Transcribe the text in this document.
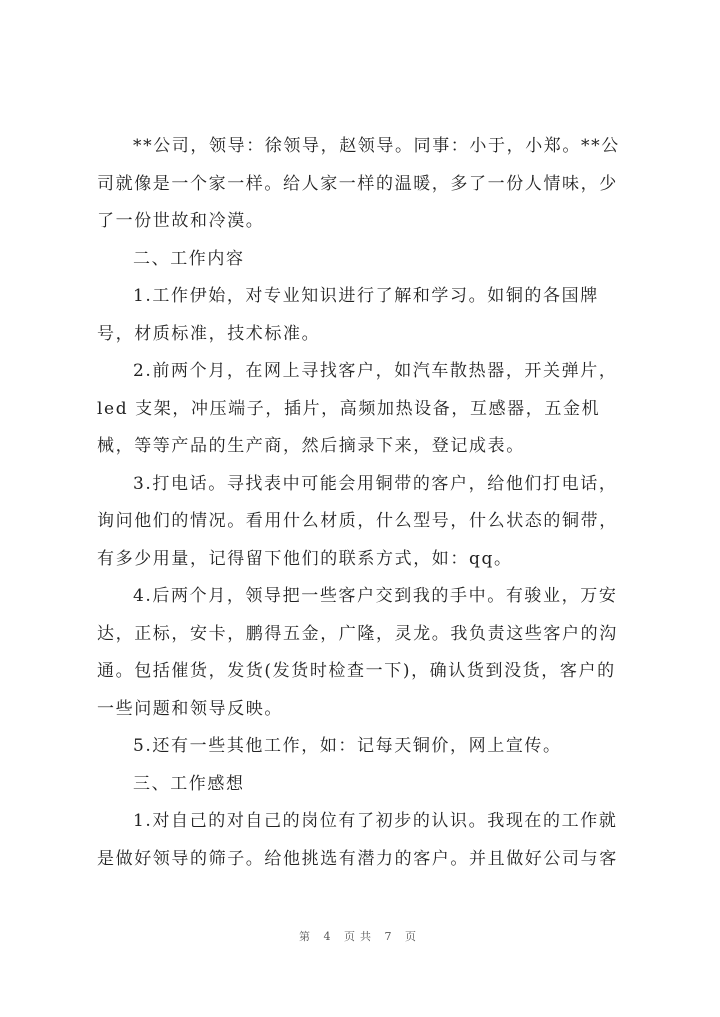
**公司，领导：徐领导，赵领导。同事：小于，小郑。**公
司就像是一个家一样。给人家一样的温暖，多了一份人情味，少
了一份世故和冷漠。

二、工作内容

1.工作伊始，对专业知识进行了解和学习。如铜的各国牌
号，材质标准，技术标准。

2.前两个月，在网上寻找客户，如汽车散热器，开关弹片，
led 支架，冲压端子，插片，高频加热设备，互感器，五金机
械，等等产品的生产商，然后摘录下来，登记成表。

3.打电话。寻找表中可能会用铜带的客户，给他们打电话，
询问他们的情况。看用什么材质，什么型号，什么状态的铜带，
有多少用量，记得留下他们的联系方式，如：qq。

4.后两个月，领导把一些客户交到我的手中。有骏业，万安
达，正标，安卡，鹏得五金，广隆，灵龙。我负责这些客户的沟
通。包括催货，发货(发货时检查一下)，确认货到没货，客户的
一些问题和领导反映。

5.还有一些其他工作，如：记每天铜价，网上宣传。

三、工作感想

1.对自己的对自己的岗位有了初步的认识。我现在的工作就
是做好领导的筛子。给他挑选有潜力的客户。并且做好公司与客

第 4 页共 7 页
